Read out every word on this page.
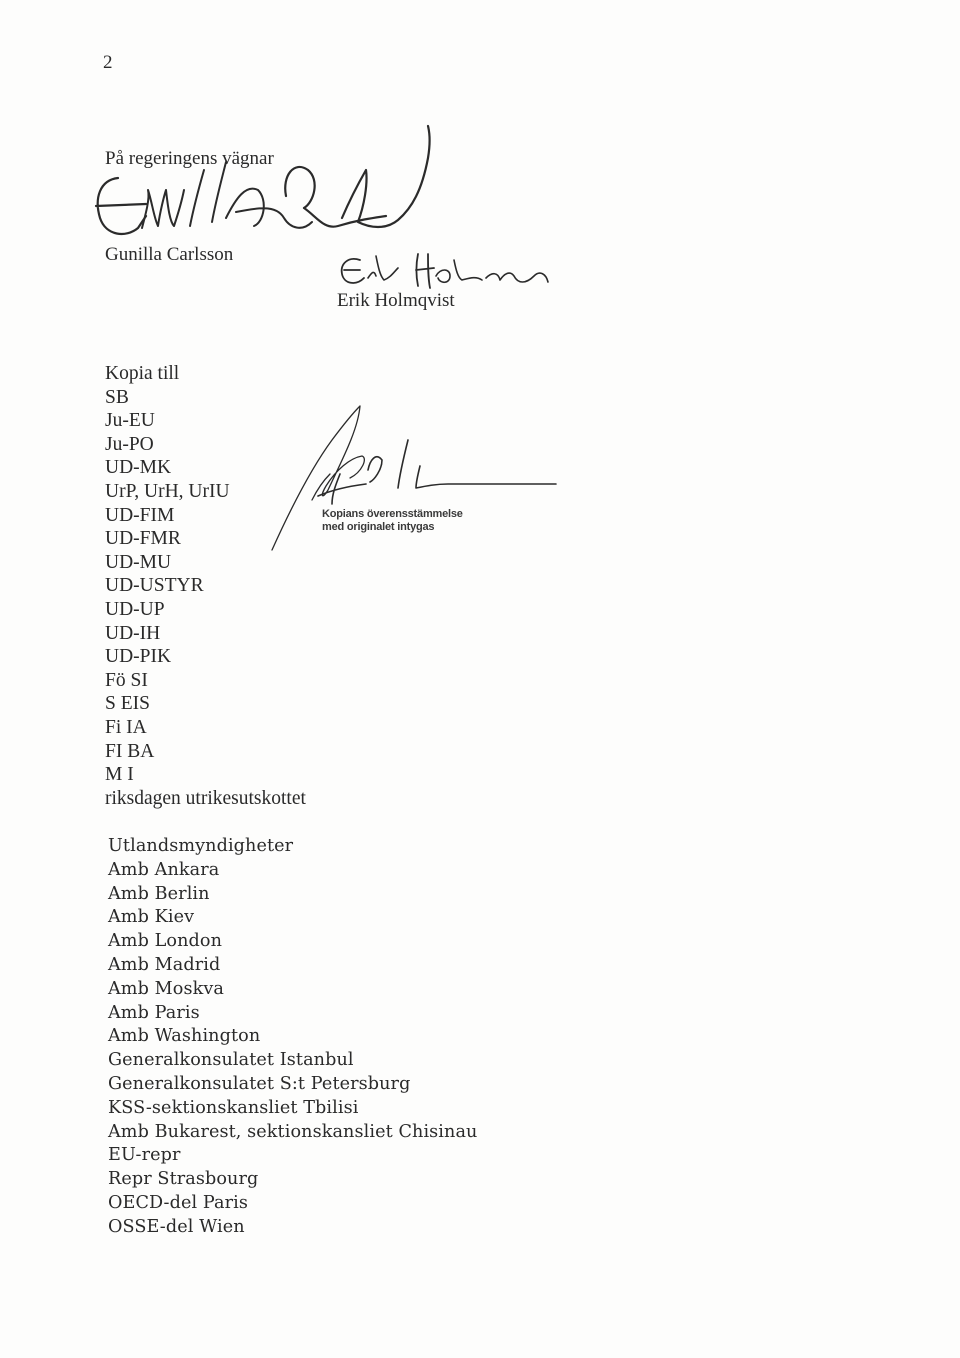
2
På regeringens vägnar
Gunilla Carlsson
Erik Holmqvist
Kopia till
SB
Ju-EU
Ju-PO
UD-MK
UrP, UrH, UrIU
UD-FIM
UD-FMR
UD-MU
UD-USTYR
UD-UP
UD-IH
UD-PIK
Fö SI
S EIS
Fi IA
FI BA
M I
riksdagen utrikesutskottet
Kopians överensstämmelse
med originalet intygas
Utlandsmyndigheter
Amb Ankara
Amb Berlin
Amb Kiev
Amb London
Amb Madrid
Amb Moskva
Amb Paris
Amb Washington
Generalkonsulatet Istanbul
Generalkonsulatet S:t Petersburg
KSS-sektionskansliet Tbilisi
Amb Bukarest, sektionskansliet Chisinau
EU-repr
Repr Strasbourg
OECD-del Paris
OSSE-del Wien
